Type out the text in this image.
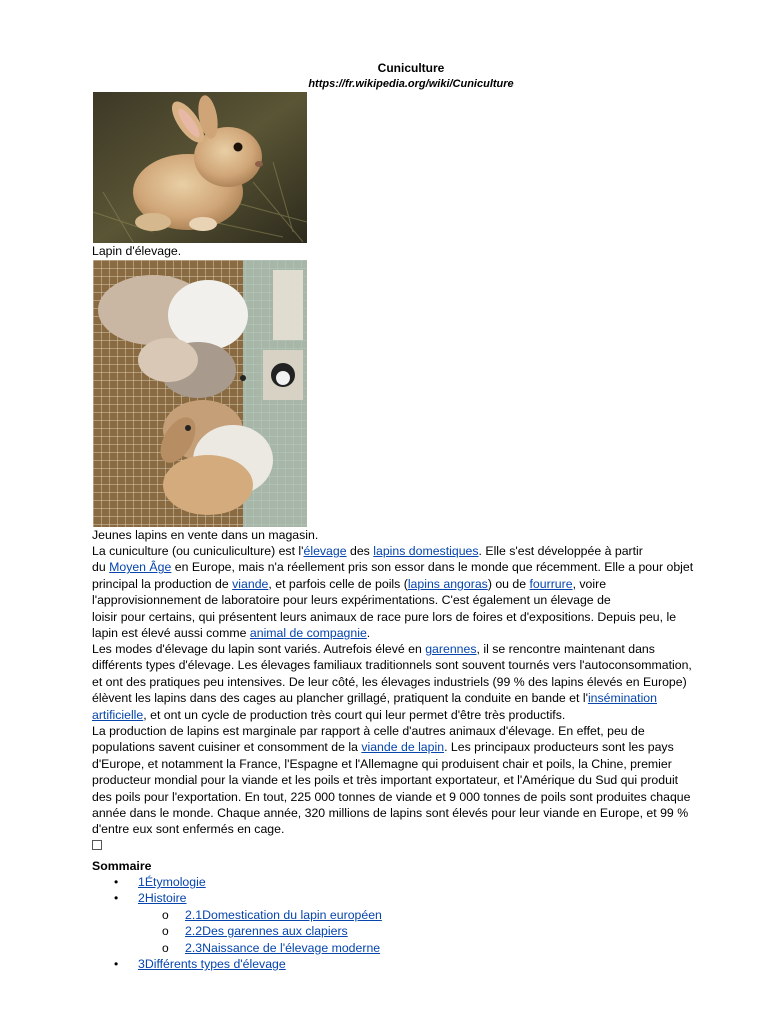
Cuniculture
https://fr.wikipedia.org/wiki/Cuniculture
Lapin d'élevage.
Jeunes lapins en vente dans un magasin.
La cuniculture (ou cuniculiculture) est l'élevage des lapins domestiques. Elle s'est développée à partir
du Moyen Âge en Europe, mais n'a réellement pris son essor dans le monde que récemment. Elle a pour objet
principal la production de viande, et parfois celle de poils (lapins angoras) ou de fourrure, voire
l'approvisionnement de laboratoire pour leurs expérimentations. C'est également un élevage de
loisir pour certains, qui présentent leurs animaux de race pure lors de foires et d'expositions. Depuis peu, le
lapin est élevé aussi comme animal de compagnie.
Les modes d'élevage du lapin sont variés. Autrefois élevé en garennes, il se rencontre maintenant dans
différents types d'élevage. Les élevages familiaux traditionnels sont souvent tournés vers l'autoconsommation,
et ont des pratiques peu intensives. De leur côté, les élevages industriels (99 % des lapins élevés en Europe)
élèvent les lapins dans des cages au plancher grillagé, pratiquent la conduite en bande et l'insémination
artificielle, et ont un cycle de production très court qui leur permet d'être très productifs.
La production de lapins est marginale par rapport à celle d'autres animaux d'élevage. En effet, peu de
populations savent cuisiner et consomment de la viande de lapin. Les principaux producteurs sont les pays
d'Europe, et notamment la France, l'Espagne et l'Allemagne qui produisent chair et poils, la Chine, premier
producteur mondial pour la viande et les poils et très important exportateur, et l'Amérique du Sud qui produit
des poils pour l'exportation. En tout, 225 000 tonnes de viande et 9 000 tonnes de poils sont produites chaque
année dans le monde. Chaque année, 320 millions de lapins sont élevés pour leur viande en Europe, et 99 %
d'entre eux sont enfermés en cage.
Sommaire
• 1Étymologie
• 2Histoire
o 2.1Domestication du lapin européen
o 2.2Des garennes aux clapiers
o 2.3Naissance de l'élevage moderne
• 3Différents types d'élevage
